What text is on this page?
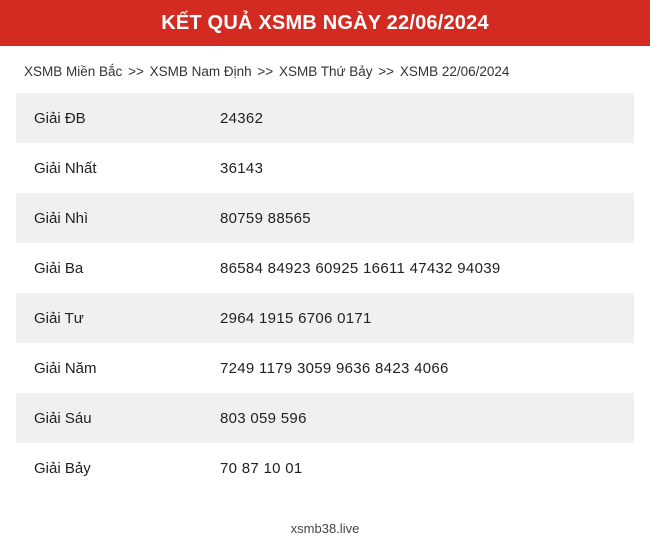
KẾT QUẢ XSMB NGÀY 22/06/2024
XSMB Miền Bắc >> XSMB Nam Định >> XSMB Thứ Bảy >> XSMB 22/06/2024
Giải ĐB	24362
Giải Nhất	36143
Giải Nhì	80759 88565
Giải Ba	86584 84923 60925 16611 47432 94039
Giải Tư	2964 1915 6706 0171
Giải Năm	7249 1179 3059 9636 8423 4066
Giải Sáu	803 059 596
Giải Bảy	70 87 10 01
xsmb38.live
